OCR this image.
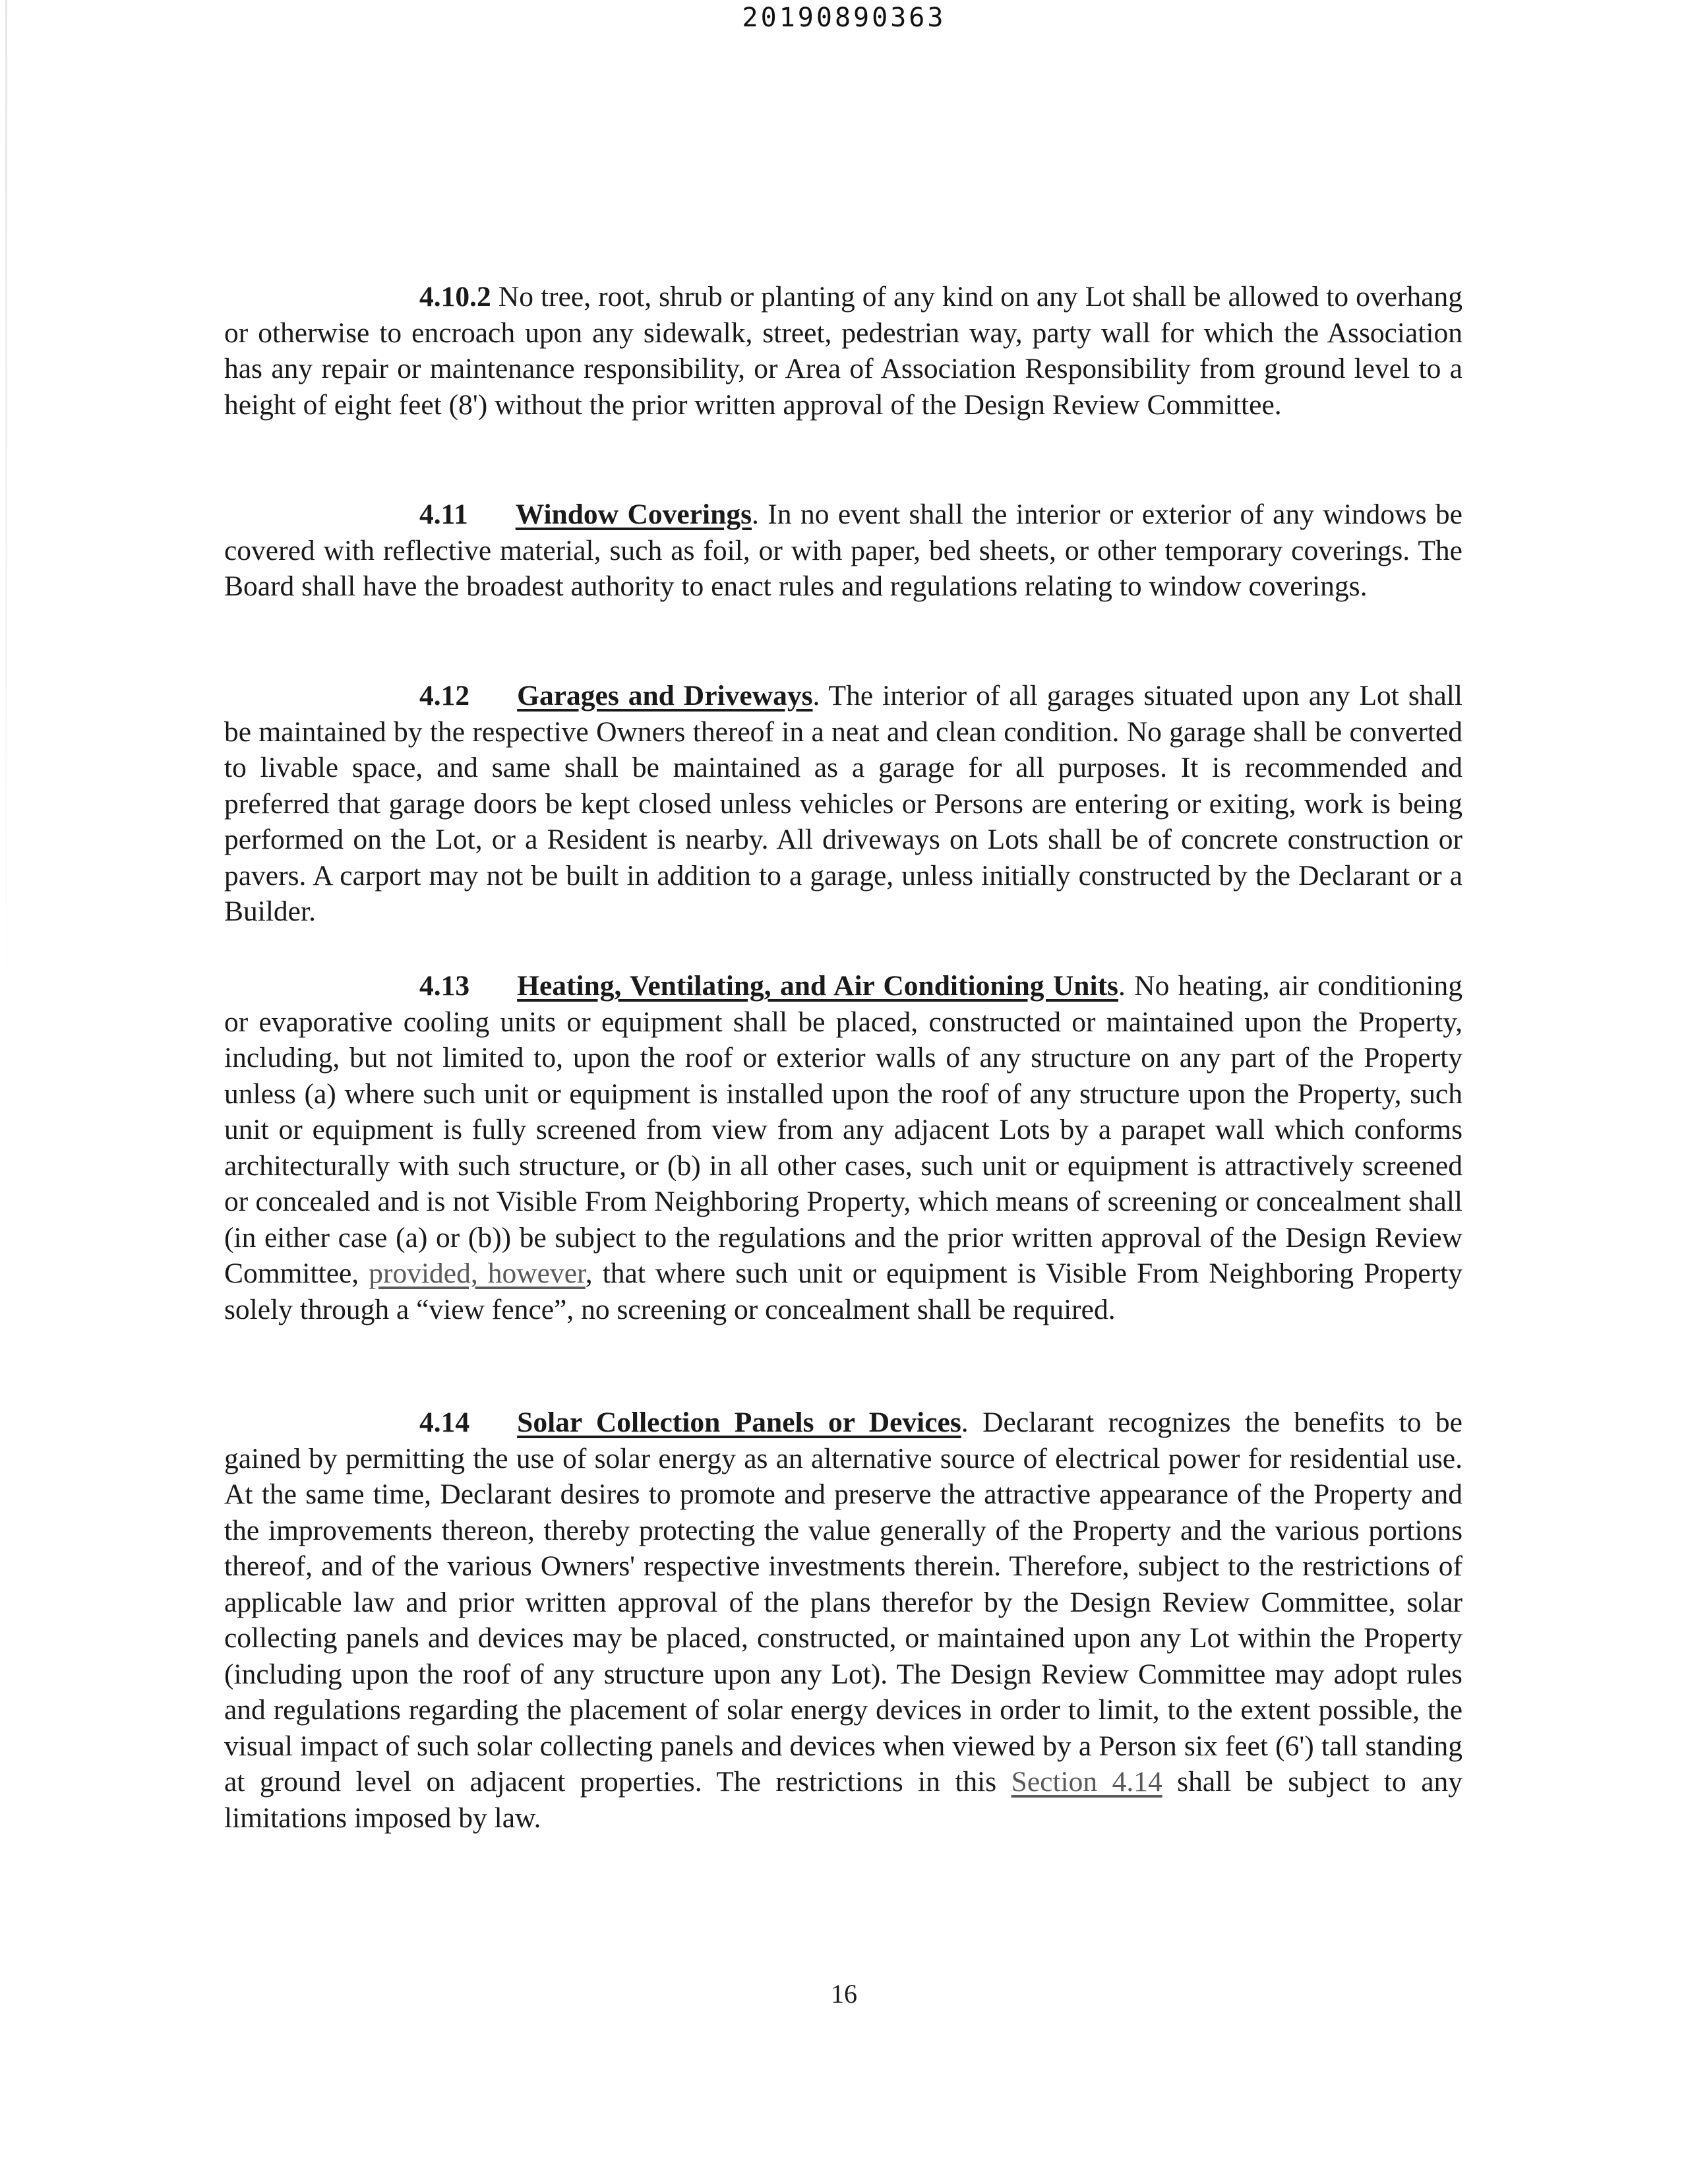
20190890363

4.10.2 No tree, root, shrub or planting of any kind on any Lot shall be allowed to overhang or otherwise to encroach upon any sidewalk, street, pedestrian way, party wall for which the Association has any repair or maintenance responsibility, or Area of Association Responsibility from ground level to a height of eight feet (8') without the prior written approval of the Design Review Committee.

4.11 Window Coverings. In no event shall the interior or exterior of any windows be covered with reflective material, such as foil, or with paper, bed sheets, or other temporary coverings. The Board shall have the broadest authority to enact rules and regulations relating to window coverings.

4.12 Garages and Driveways. The interior of all garages situated upon any Lot shall be maintained by the respective Owners thereof in a neat and clean condition. No garage shall be converted to livable space, and same shall be maintained as a garage for all purposes. It is recommended and preferred that garage doors be kept closed unless vehicles or Persons are entering or exiting, work is being performed on the Lot, or a Resident is nearby. All driveways on Lots shall be of concrete construction or pavers. A carport may not be built in addition to a garage, unless initially constructed by the Declarant or a Builder.

4.13 Heating, Ventilating, and Air Conditioning Units. No heating, air conditioning or evaporative cooling units or equipment shall be placed, constructed or maintained upon the Property, including, but not limited to, upon the roof or exterior walls of any structure on any part of the Property unless (a) where such unit or equipment is installed upon the roof of any structure upon the Property, such unit or equipment is fully screened from view from any adjacent Lots by a parapet wall which conforms architecturally with such structure, or (b) in all other cases, such unit or equipment is attractively screened or concealed and is not Visible From Neighboring Property, which means of screening or concealment shall (in either case (a) or (b)) be subject to the regulations and the prior written approval of the Design Review Committee, provided, however, that where such unit or equipment is Visible From Neighboring Property solely through a “view fence”, no screening or concealment shall be required.

4.14 Solar Collection Panels or Devices. Declarant recognizes the benefits to be gained by permitting the use of solar energy as an alternative source of electrical power for residential use. At the same time, Declarant desires to promote and preserve the attractive appearance of the Property and the improvements thereon, thereby protecting the value generally of the Property and the various portions thereof, and of the various Owners' respective investments therein. Therefore, subject to the restrictions of applicable law and prior written approval of the plans therefor by the Design Review Committee, solar collecting panels and devices may be placed, constructed, or maintained upon any Lot within the Property (including upon the roof of any structure upon any Lot). The Design Review Committee may adopt rules and regulations regarding the placement of solar energy devices in order to limit, to the extent possible, the visual impact of such solar collecting panels and devices when viewed by a Person six feet (6') tall standing at ground level on adjacent properties. The restrictions in this Section 4.14 shall be subject to any limitations imposed by law.

16
